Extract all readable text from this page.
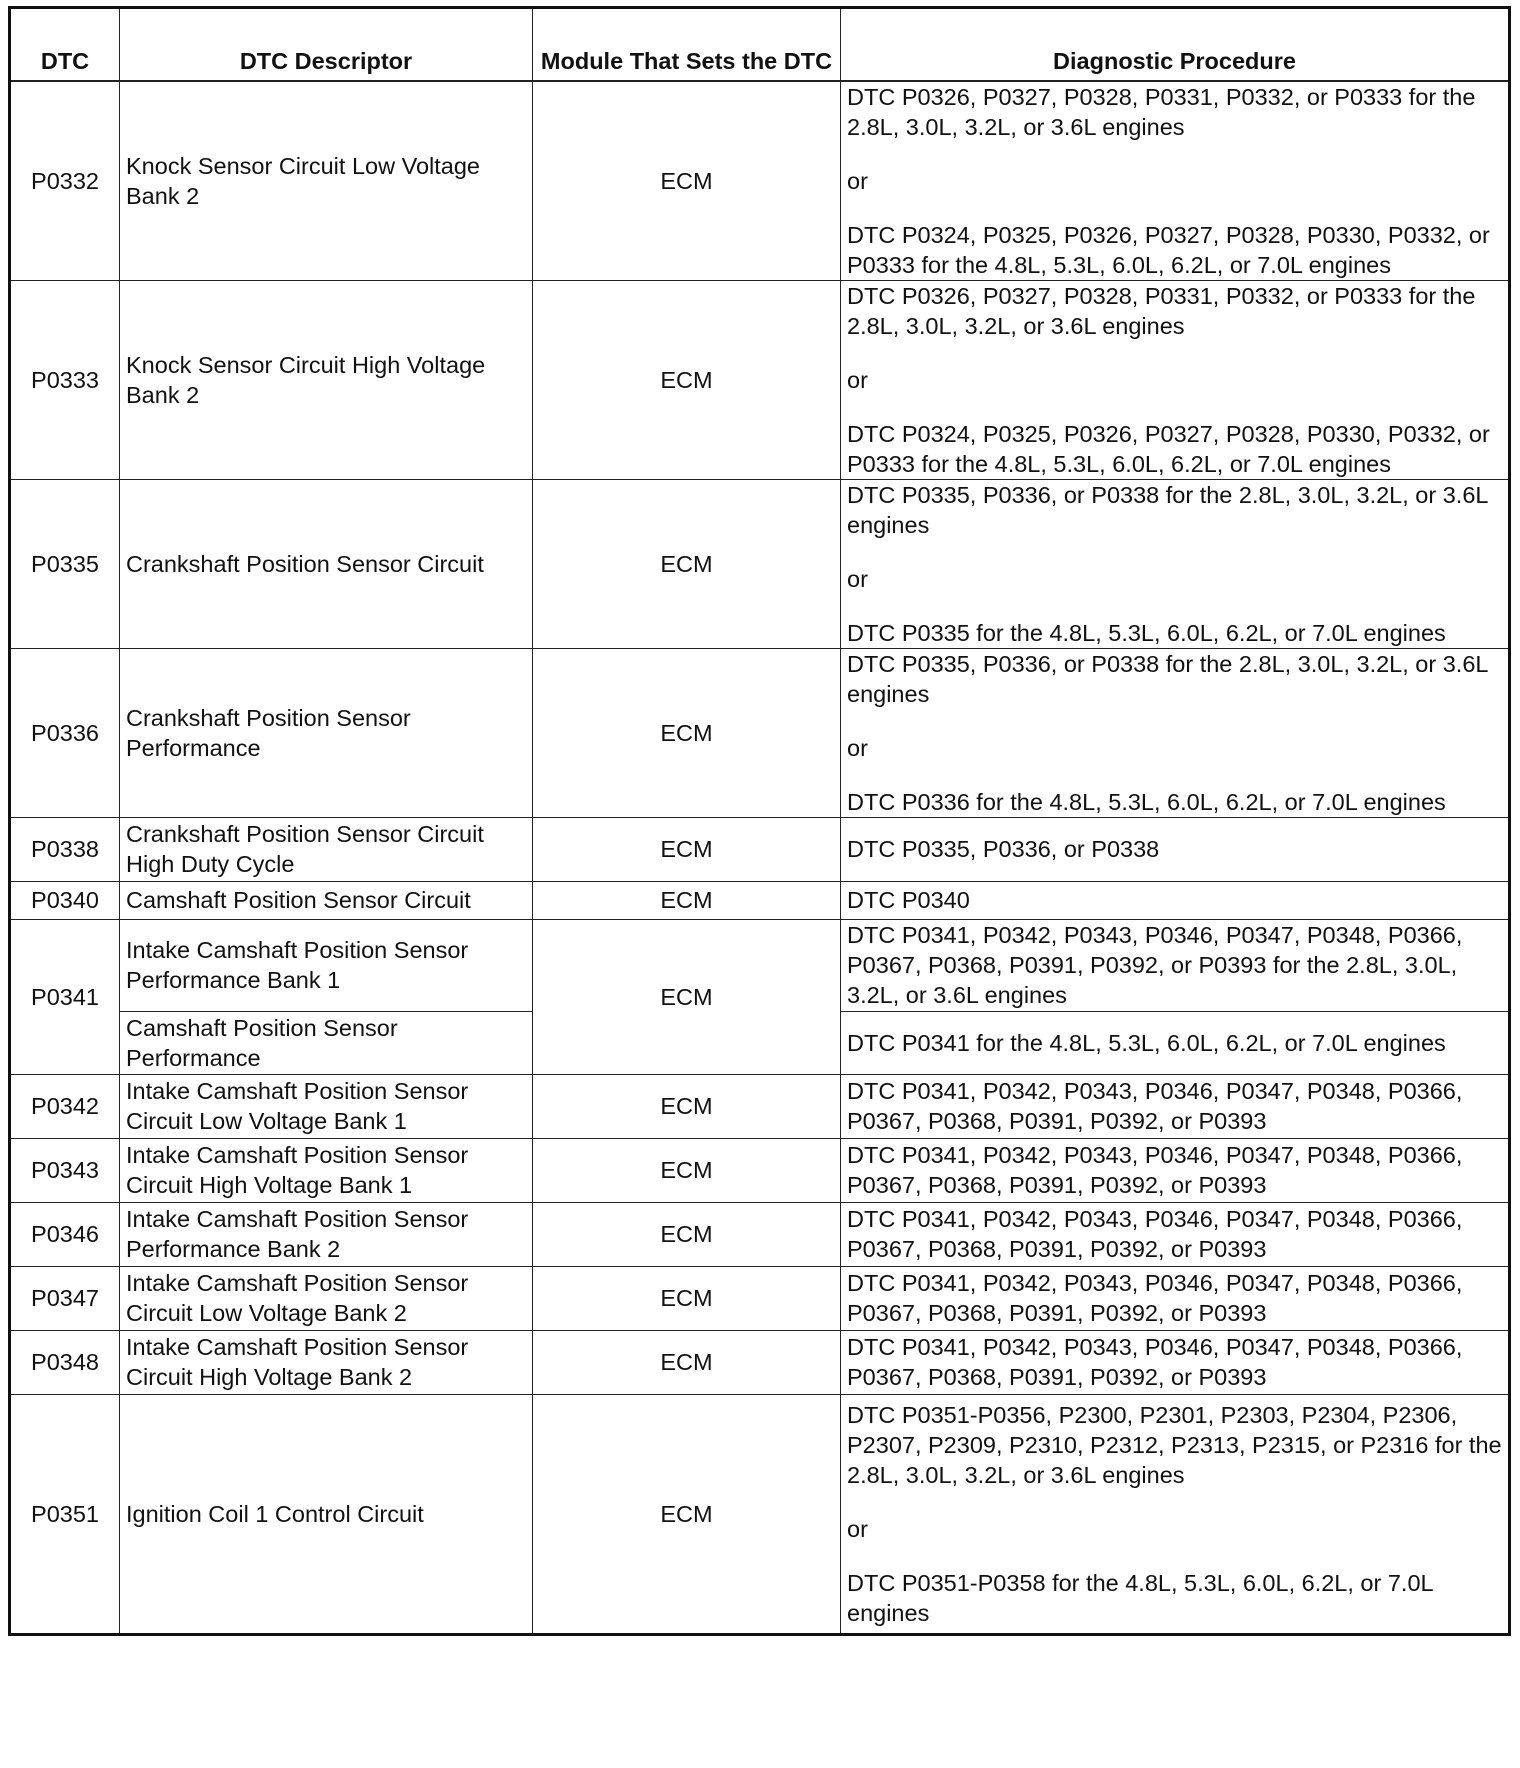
DTC	DTC Descriptor	Module That Sets the DTC	Diagnostic Procedure
P0332	Knock Sensor Circuit Low Voltage Bank 2	ECM	DTC P0326, P0327, P0328, P0331, P0332, or P0333 for the 2.8L, 3.0L, 3.2L, or 3.6L engines

or

DTC P0324, P0325, P0326, P0327, P0328, P0330, P0332, or P0333 for the 4.8L, 5.3L, 6.0L, 6.2L, or 7.0L engines

P0333	Knock Sensor Circuit High Voltage Bank 2	ECM	DTC P0326, P0327, P0328, P0331, P0332, or P0333 for the 2.8L, 3.0L, 3.2L, or 3.6L engines

or

DTC P0324, P0325, P0326, P0327, P0328, P0330, P0332, or P0333 for the 4.8L, 5.3L, 6.0L, 6.2L, or 7.0L engines

P0335	Crankshaft Position Sensor Circuit	ECM	DTC P0335, P0336, or P0338 for the 2.8L, 3.0L, 3.2L, or 3.6L engines

or

DTC P0335 for the 4.8L, 5.3L, 6.0L, 6.2L, or 7.0L engines

P0336	Crankshaft Position Sensor Performance	ECM	DTC P0335, P0336, or P0338 for the 2.8L, 3.0L, 3.2L, or 3.6L engines

or

DTC P0336 for the 4.8L, 5.3L, 6.0L, 6.2L, or 7.0L engines

P0338	Crankshaft Position Sensor Circuit High Duty Cycle	ECM	DTC P0335, P0336, or P0338

P0340	Camshaft Position Sensor Circuit	ECM	DTC P0340

P0341	Intake Camshaft Position Sensor Performance Bank 1	ECM	DTC P0341, P0342, P0343, P0346, P0347, P0348, P0366, P0367, P0368, P0391, P0392, or P0393 for the 2.8L, 3.0L, 3.2L, or 3.6L engines

	Camshaft Position Sensor Performance		DTC P0341 for the 4.8L, 5.3L, 6.0L, 6.2L, or 7.0L engines

P0342	Intake Camshaft Position Sensor Circuit Low Voltage Bank 1	ECM	DTC P0341, P0342, P0343, P0346, P0347, P0348, P0366, P0367, P0368, P0391, P0392, or P0393

P0343	Intake Camshaft Position Sensor Circuit High Voltage Bank 1	ECM	DTC P0341, P0342, P0343, P0346, P0347, P0348, P0366, P0367, P0368, P0391, P0392, or P0393

P0346	Intake Camshaft Position Sensor Performance Bank 2	ECM	DTC P0341, P0342, P0343, P0346, P0347, P0348, P0366, P0367, P0368, P0391, P0392, or P0393

P0347	Intake Camshaft Position Sensor Circuit Low Voltage Bank 2	ECM	DTC P0341, P0342, P0343, P0346, P0347, P0348, P0366, P0367, P0368, P0391, P0392, or P0393

P0348	Intake Camshaft Position Sensor Circuit High Voltage Bank 2	ECM	DTC P0341, P0342, P0343, P0346, P0347, P0348, P0366, P0367, P0368, P0391, P0392, or P0393

P0351	Ignition Coil 1 Control Circuit	ECM	DTC P0351-P0356, P2300, P2301, P2303, P2304, P2306, P2307, P2309, P2310, P2312, P2313, P2315, or P2316 for the 2.8L, 3.0L, 3.2L, or 3.6L engines

or

DTC P0351-P0358 for the 4.8L, 5.3L, 6.0L, 6.2L, or 7.0L engines
